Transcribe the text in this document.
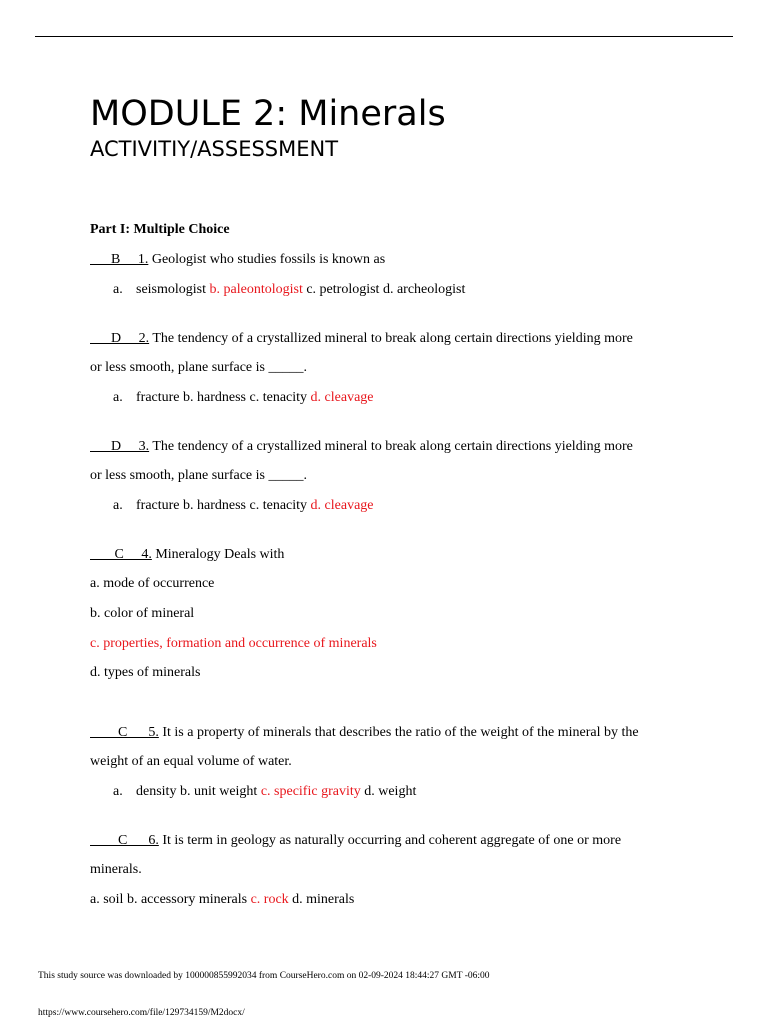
MODULE 2: Minerals
ACTIVITIY/ASSESSMENT
Part I: Multiple Choice
B     1. Geologist who studies fossils is known as
a. seismologist b. paleontologist c. petrologist d. archeologist
D     2. The tendency of a crystallized mineral to break along certain directions yielding more
or less smooth, plane surface is _____.
a. fracture b. hardness c. tenacity d. cleavage
D     3. The tendency of a crystallized mineral to break along certain directions yielding more
or less smooth, plane surface is _____.
a. fracture b. hardness c. tenacity d. cleavage
C     4. Mineralogy Deals with
a. mode of occurrence
b. color of mineral
c. properties, formation and occurrence of minerals
d. types of minerals
C      5. It is a property of minerals that describes the ratio of the weight of the mineral by the
weight of an equal volume of water.
a. density b. unit weight c. specific gravity d. weight
C      6. It is term in geology as naturally occurring and coherent aggregate of one or more
minerals.
a. soil b. accessory minerals c. rock d. minerals
This study source was downloaded by 100000855992034 from CourseHero.com on 02-09-2024 18:44:27 GMT -06:00
https://www.coursehero.com/file/129734159/M2docx/
